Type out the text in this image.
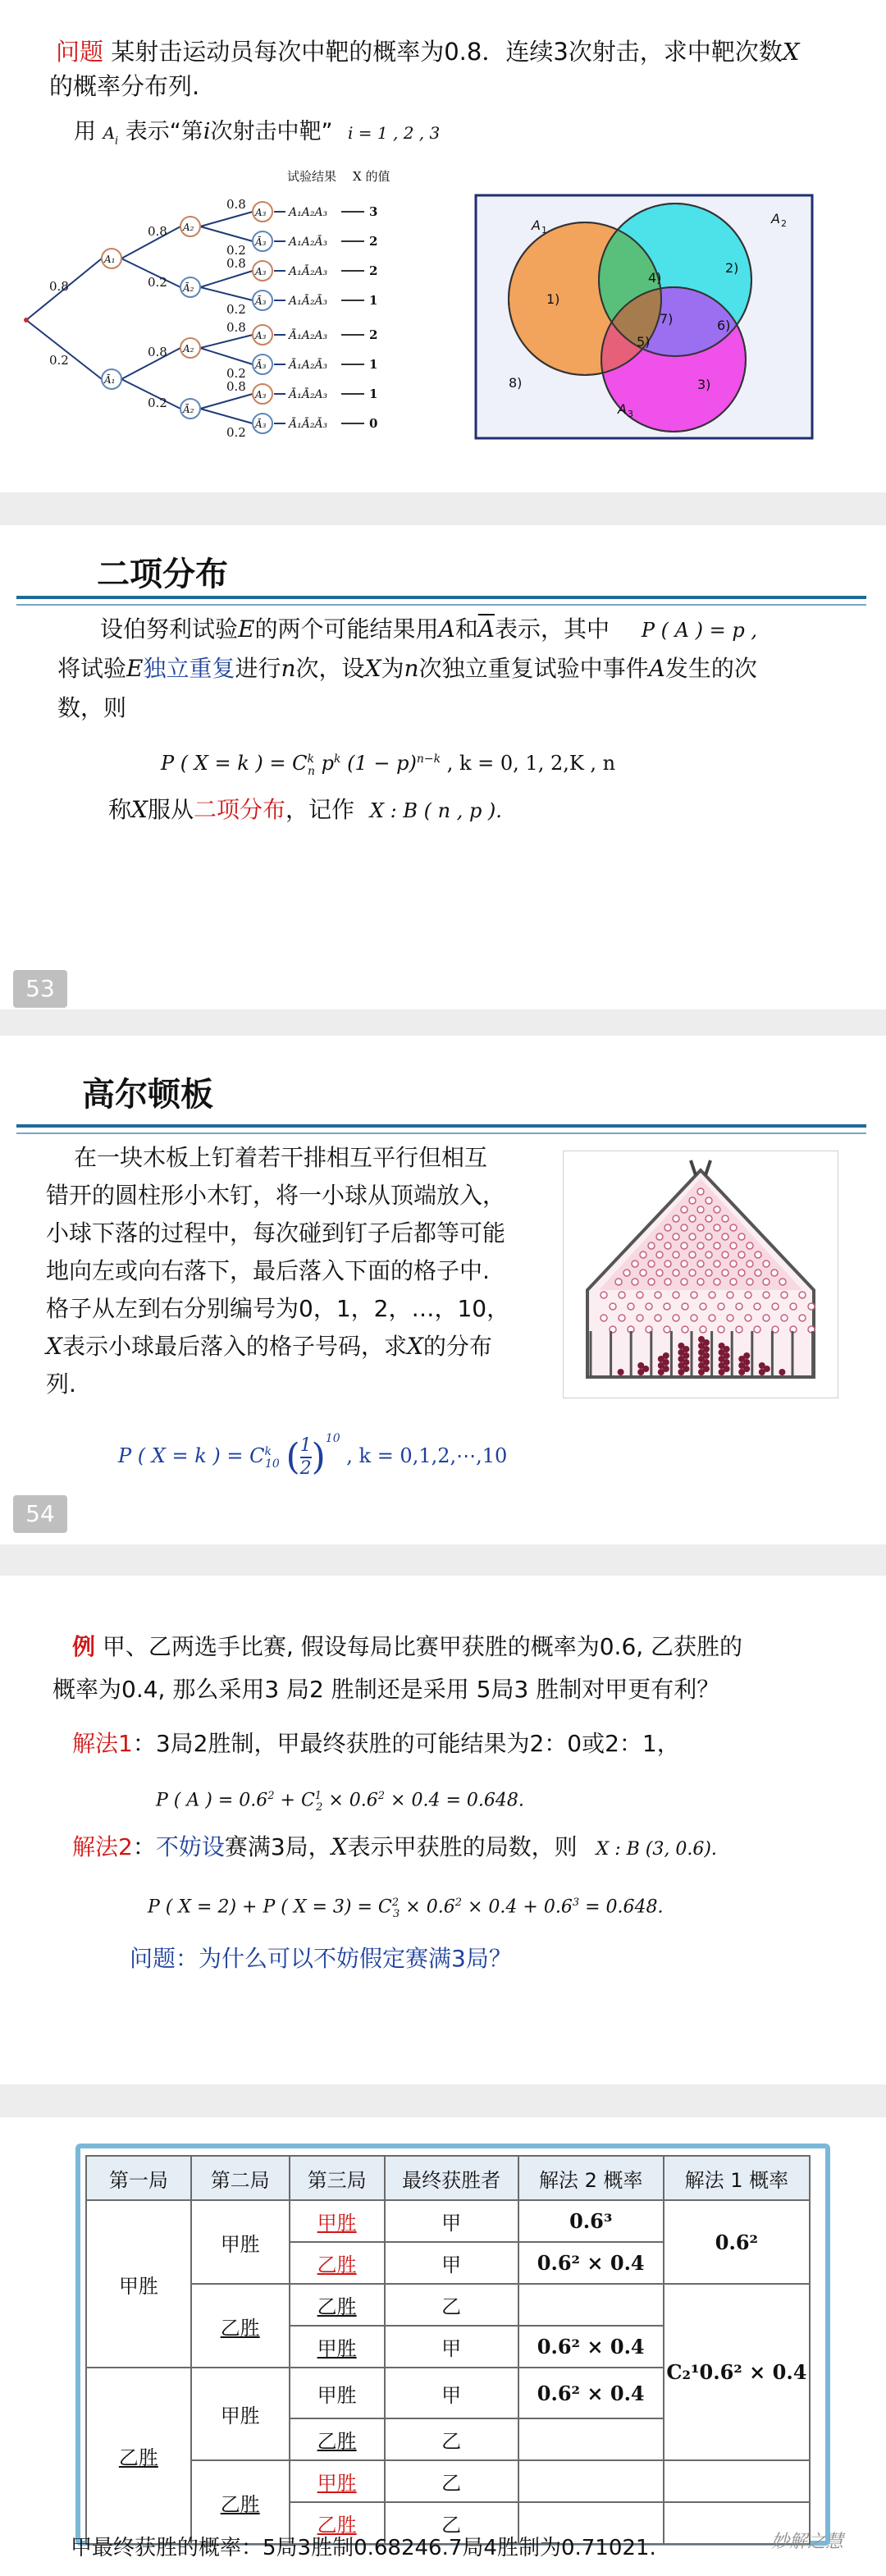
问题 某射击运动员每次中靶的概率为0.8．连续3次射击，求中靶次数X
的概率分布列.
用 $A_i$ 表示“第i次射击中靶” i = 1 , 2 , 3
试验结果 X 的值
0.8
0.2
0.8
0.2
0.8
0.2
0.8
0.2
0.8
0.2
0.8
0.2
0.8
0.2
A₁
Ā₁
A₂
Ā₂
A₂
Ā₂
A₃ A₁A₂A₃	3
Ā₃ A₁A₂Ā₃	2
A₃ A₁Ā₂A₃	2
Ā₃ A₁Ā₂Ā₃	1
A₃ Ā₁A₂A₃	2
Ā₃ Ā₁A₂Ā₃	1
A₃ Ā₁Ā₂A₃	1
Ā₃ Ā₁Ā₂Ā₃	0
A 1
A 2
A 3
1)
2)
3)
4)
5)
6)
7)
8)
二项分布
设伯努利试验E的两个可能结果用A和$\overline{A}$表示，其中 P ( A ) = p ,
将试验E独立重复进行n次，设X为n次独立重复试验中事件A发生的次
数，则
P ( X = k ) = $C^k_n$ $p^k$ $(1 - p)^{n-k}$ , k = 0, 1, 2,K , n
称X服从二项分布，记作 X : B ( n , p ).
53
高尔顿板
在一块木板上钉着若干排相互平行但相互
错开的圆柱形小木钉，将一小球从顶端放入，
小球下落的过程中，每次碰到钉子后都等可能
地向左或向右落下，最后落入下面的格子中.
格子从左到右分别编号为0，1，2，…，10，
X表示小球最后落入的格子号码，求X的分布
列.
P ( X = k ) = $C^k_{10}$ ( $\frac{1}{2} )^{10}$ , k = 0,1,2,⋯,10
54
例 甲、乙两选手比赛, 假设每局比赛甲获胜的概率为0.6, 乙获胜的
概率为0.4, 那么采用3 局2 胜制还是采用 5局3 胜制对甲更有利？
解法1：3局2胜制，甲最终获胜的可能结果为2：0或2：1，
P ( A ) = $0.6^2 + C^1_2 \times 0.6^2 \times 0.4 = 0.648$.
解法2：不妨设赛满3局，X表示甲获胜的局数，则 X : B (3, 0.6).
P ( X = 2) + P ( $X = 3) = C^2_3 \times 0.6^2 \times 0.4 + 0.6^3 = 0.648$.
问题：为什么可以不妨假定赛满3局？
第一局	第二局	第三局	最终获胜者	解法 2 概率	解法 1 概率
甲胜	甲胜	甲胜	甲	0.6³	0.6²
		乙胜	甲	0.6² × 0.4	
	乙胜	乙胜	乙		C₂¹0.6² × 0.4
		甲胜	甲	0.6² × 0.4	
乙胜	甲胜	甲胜	甲	0.6² × 0.4	
		乙胜	乙		
	乙胜	甲胜	乙		
		乙胜	乙		
甲最终获胜的概率：5局3胜制0.68246.7局4胜制为0.71021.	妙解之慧
